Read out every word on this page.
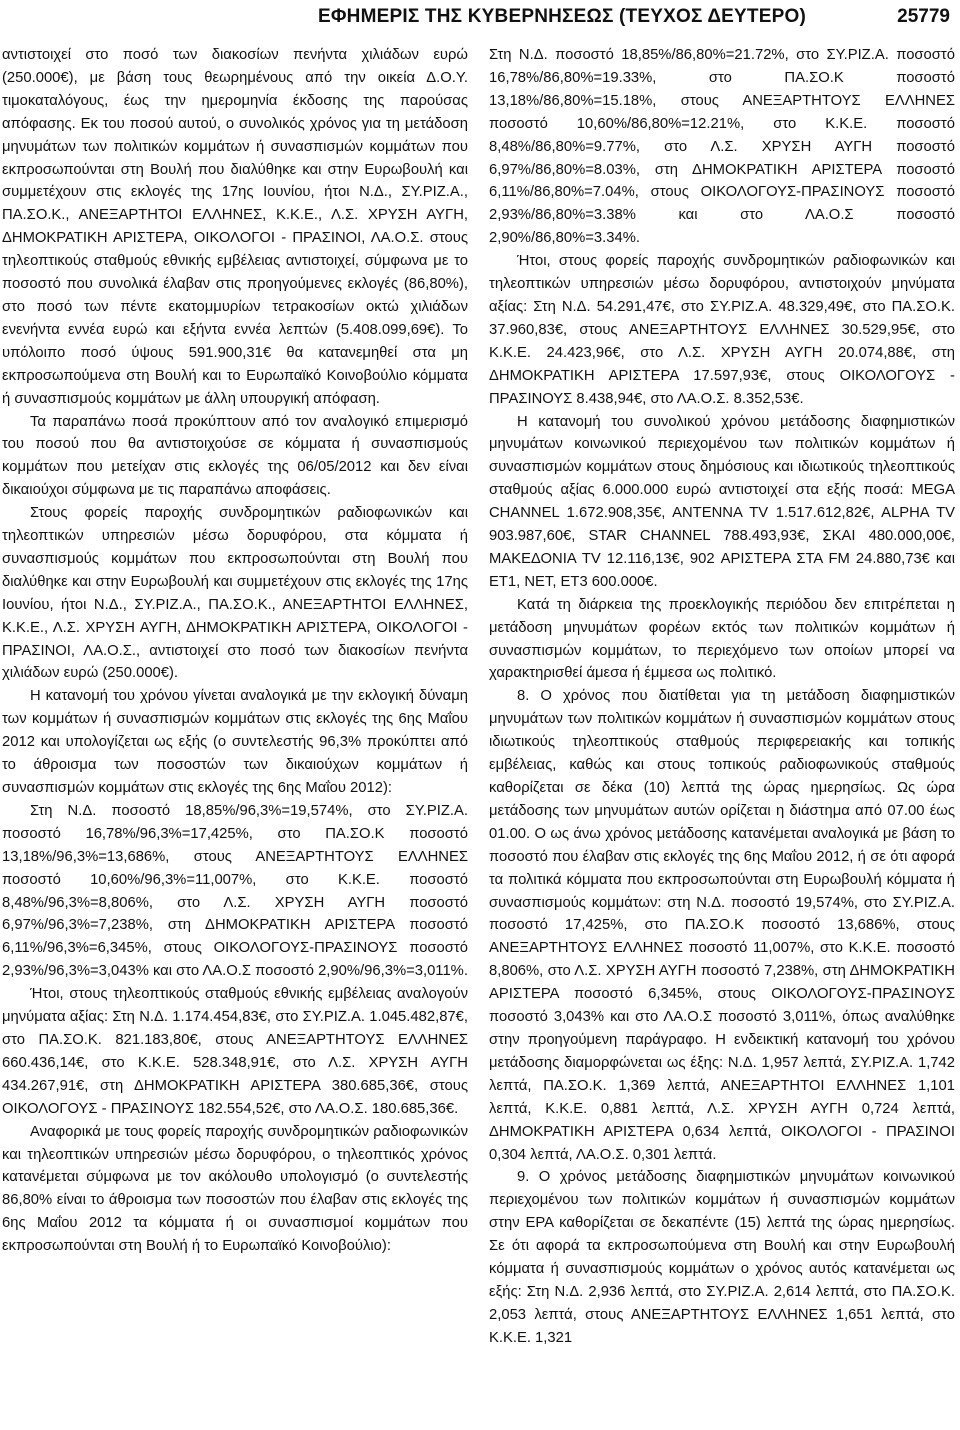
ΕΦΗΜΕΡΙΣ ΤΗΣ ΚΥΒΕΡΝΗΣΕΩΣ (ΤΕΥΧΟΣ ΔΕΥΤΕΡΟ)	25779

αντιστοιχεί στο ποσό των διακοσίων πενήντα χιλιάδων ευρώ (250.000€), με βάση τους θεωρημένους από την οικεία Δ.Ο.Υ. τιμοκαταλόγους, έως την ημερομηνία έκδοσης της παρούσας απόφασης. Εκ του ποσού αυτού, ο συνολικός χρόνος για τη μετάδοση μηνυμάτων των πολιτικών κομμάτων ή συνασπισμών κομμάτων που εκπροσωπούνται στη Βουλή που διαλύθηκε και στην Ευρωβουλή και συμμετέχουν στις εκλογές της 17ης Ιουνίου, ήτοι Ν.Δ., ΣΥ.ΡΙΖ.Α., ΠΑ.ΣΟ.Κ., ΑΝΕΞΑΡΤΗΤΟΙ ΕΛΛΗΝΕΣ, Κ.Κ.Ε., Λ.Σ. ΧΡΥΣΗ ΑΥΓΗ, ΔΗΜΟΚΡΑΤΙΚΗ ΑΡΙΣΤΕΡΑ, ΟΙΚΟΛΟΓΟΙ - ΠΡΑΣΙΝΟΙ, ΛΑ.Ο.Σ. στους τηλεοπτικούς σταθμούς εθνικής εμβέλειας αντιστοιχεί, σύμφωνα με το ποσοστό που συνολικά έλαβαν στις προηγούμενες εκλογές (86,80%), στο ποσό των πέντε εκατομμυρίων τετρακοσίων οκτώ χιλιάδων ενενήντα εννέα ευρώ και εξήντα εννέα λεπτών (5.408.099,69€). Το υπόλοιπο ποσό ύψους 591.900,31€ θα κατανεμηθεί στα μη εκπροσωπούμενα στη Βουλή και το Ευρωπαϊκό Κοινοβούλιο κόμματα ή συνασπισμούς κομμάτων με άλλη υπουργική απόφαση.

Τα παραπάνω ποσά προκύπτουν από τον αναλογικό επιμερισμό του ποσού που θα αντιστοιχούσε σε κόμματα ή συνασπισμούς κομμάτων που μετείχαν στις εκλογές της 06/05/2012 και δεν είναι δικαιούχοι σύμφωνα με τις παραπάνω αποφάσεις.

Στους φορείς παροχής συνδρομητικών ραδιοφωνικών και τηλεοπτικών υπηρεσιών μέσω δορυφόρου, στα κόμματα ή συνασπισμούς κομμάτων που εκπροσωπούνται στη Βουλή που διαλύθηκε και στην Ευρωβουλή και συμμετέχουν στις εκλογές της 17ης Ιουνίου, ήτοι Ν.Δ., ΣΥ.ΡΙΖ.Α., ΠΑ.ΣΟ.Κ., ΑΝΕΞΑΡΤΗΤΟΙ ΕΛΛΗΝΕΣ, Κ.Κ.Ε., Λ.Σ. ΧΡΥΣΗ ΑΥΓΗ, ΔΗΜΟΚΡΑΤΙΚΗ ΑΡΙΣΤΕΡΑ, ΟΙΚΟΛΟΓΟΙ - ΠΡΑΣΙΝΟΙ, ΛΑ.Ο.Σ., αντιστοιχεί στο ποσό των διακοσίων πενήντα χιλιάδων ευρώ (250.000€).

Η κατανομή του χρόνου γίνεται αναλογικά με την εκλογική δύναμη των κομμάτων ή συνασπισμών κομμάτων στις εκλογές της 6ης Μαΐου 2012 και υπολογίζεται ως εξής (ο συντελεστής 96,3% προκύπτει από το άθροισμα των ποσοστών των δικαιούχων κομμάτων ή συνασπισμών κομμάτων στις εκλογές της 6ης Μαΐου 2012):

Στη Ν.Δ. ποσοστό 18,85%/96,3%=19,574%, στο ΣΥ.ΡΙΖ.Α. ποσοστό 16,78%/96,3%=17,425%, στο ΠΑ.ΣΟ.Κ ποσοστό 13,18%/96,3%=13,686%, στους ΑΝΕΞΑΡΤΗΤΟΥΣ ΕΛΛΗΝΕΣ ποσοστό 10,60%/96,3%=11,007%, στο Κ.Κ.Ε. ποσοστό 8,48%/96,3%=8,806%, στο Λ.Σ. ΧΡΥΣΗ ΑΥΓΗ ποσοστό 6,97%/96,3%=7,238%, στη ΔΗΜΟΚΡΑΤΙΚΗ ΑΡΙΣΤΕΡΑ ποσοστό 6,11%/96,3%=6,345%, στους ΟΙΚΟΛΟΓΟΥΣ-ΠΡΑΣΙΝΟΥΣ ποσοστό 2,93%/96,3%=3,043% και στο ΛΑ.Ο.Σ ποσοστό 2,90%/96,3%=3,011%.

Ήτοι, στους τηλεοπτικούς σταθμούς εθνικής εμβέλειας αναλογούν μηνύματα αξίας: Στη Ν.Δ. 1.174.454,83€, στο ΣΥ.ΡΙΖ.Α. 1.045.482,87€, στο ΠΑ.ΣΟ.Κ. 821.183,80€, στους ΑΝΕΞΑΡΤΗΤΟΥΣ ΕΛΛΗΝΕΣ 660.436,14€, στο Κ.Κ.Ε. 528.348,91€, στο Λ.Σ. ΧΡΥΣΗ ΑΥΓΗ 434.267,91€, στη ΔΗΜΟΚΡΑΤΙΚΗ ΑΡΙΣΤΕΡΑ 380.685,36€, στους ΟΙΚΟΛΟΓΟΥΣ - ΠΡΑΣΙΝΟΥΣ 182.554,52€, στο ΛΑ.Ο.Σ. 180.685,36€.

Αναφορικά με τους φορείς παροχής συνδρομητικών ραδιοφωνικών και τηλεοπτικών υπηρεσιών μέσω δορυφόρου, ο τηλεοπτικός χρόνος κατανέμεται σύμφωνα με τον ακόλουθο υπολογισμό (ο συντελεστής 86,80% είναι το άθροισμα των ποσοστών που έλαβαν στις εκλογές της 6ης Μαΐου 2012 τα κόμματα ή οι συνασπισμοί κομμάτων που εκπροσωπούνται στη Βουλή ή το Ευρωπαϊκό Κοινοβούλιο):

Στη Ν.Δ. ποσοστό 18,85%/86,80%=21.72%, στο ΣΥ.ΡΙΖ.Α. ποσοστό 16,78%/86,80%=19.33%, στο ΠΑ.ΣΟ.Κ ποσοστό 13,18%/86,80%=15.18%, στους ΑΝΕΞΑΡΤΗΤΟΥΣ ΕΛΛΗΝΕΣ ποσοστό 10,60%/86,80%=12.21%, στο Κ.Κ.Ε. ποσοστό 8,48%/86,80%=9.77%, στο Λ.Σ. ΧΡΥΣΗ ΑΥΓΗ ποσοστό 6,97%/86,80%=8.03%, στη ΔΗΜΟΚΡΑΤΙΚΗ ΑΡΙΣΤΕΡΑ ποσοστό 6,11%/86,80%=7.04%, στους ΟΙΚΟΛΟΓΟΥΣ-ΠΡΑΣΙΝΟΥΣ ποσοστό 2,93%/86,80%=3.38% και στο ΛΑ.Ο.Σ ποσοστό 2,90%/86,80%=3.34%.

Ήτοι, στους φορείς παροχής συνδρομητικών ραδιοφωνικών και τηλεοπτικών υπηρεσιών μέσω δορυφόρου, αντιστοιχούν μηνύματα αξίας: Στη Ν.Δ. 54.291,47€, στο ΣΥ.ΡΙΖ.Α. 48.329,49€, στο ΠΑ.ΣΟ.Κ. 37.960,83€, στους ΑΝΕΞΑΡΤΗΤΟΥΣ ΕΛΛΗΝΕΣ 30.529,95€, στο Κ.Κ.Ε. 24.423,96€, στο Λ.Σ. ΧΡΥΣΗ ΑΥΓΗ 20.074,88€, στη ΔΗΜΟΚΡΑΤΙΚΗ ΑΡΙΣΤΕΡΑ 17.597,93€, στους ΟΙΚΟΛΟΓΟΥΣ - ΠΡΑΣΙΝΟΥΣ 8.438,94€, στο ΛΑ.Ο.Σ. 8.352,53€.

Η κατανομή του συνολικού χρόνου μετάδοσης διαφημιστικών μηνυμάτων κοινωνικού περιεχομένου των πολιτικών κομμάτων ή συνασπισμών κομμάτων στους δημόσιους και ιδιωτικούς τηλεοπτικούς σταθμούς αξίας 6.000.000 ευρώ αντιστοιχεί στα εξής ποσά: MEGA CHANNEL 1.672.908,35€, ANTENNA TV 1.517.612,82€, ALPHA TV 903.987,60€, STAR CHANNEL 788.493,93€, ΣΚΑΙ 480.000,00€, ΜΑΚΕΔΟΝΙΑ TV 12.116,13€, 902 ΑΡΙΣΤΕΡΑ ΣΤΑ FM 24.880,73€ και ΕΤ1, ΝΕΤ, ΕΤ3 600.000€.

Κατά τη διάρκεια της προεκλογικής περιόδου δεν επιτρέπεται η μετάδοση μηνυμάτων φορέων εκτός των πολιτικών κομμάτων ή συνασπισμών κομμάτων, το περιεχόμενο των οποίων μπορεί να χαρακτηρισθεί άμεσα ή έμμεσα ως πολιτικό.

8. Ο χρόνος που διατίθεται για τη μετάδοση διαφημιστικών μηνυμάτων των πολιτικών κομμάτων ή συνασπισμών κομμάτων στους ιδιωτικούς τηλεοπτικούς σταθμούς περιφερειακής και τοπικής εμβέλειας, καθώς και στους τοπικούς ραδιοφωνικούς σταθμούς καθορίζεται σε δέκα (10) λεπτά της ώρας ημερησίως. Ως ώρα μετάδοσης των μηνυμάτων αυτών ορίζεται η διάστημα από 07.00 έως 01.00. Ο ως άνω χρόνος μετάδοσης κατανέμεται αναλογικά με βάση το ποσοστό που έλαβαν στις εκλογές της 6ης Μαΐου 2012, ή σε ότι αφορά τα πολιτικά κόμματα που εκπροσωπούνται στη Ευρωβουλή κόμματα ή συνασπισμούς κομμάτων: στη Ν.Δ. ποσοστό 19,574%, στο ΣΥ.ΡΙΖ.Α. ποσοστό 17,425%, στο ΠΑ.ΣΟ.Κ ποσοστό 13,686%, στους ΑΝΕΞΑΡΤΗΤΟΥΣ ΕΛΛΗΝΕΣ ποσοστό 11,007%, στο Κ.Κ.Ε. ποσοστό 8,806%, στο Λ.Σ. ΧΡΥΣΗ ΑΥΓΗ ποσοστό 7,238%, στη ΔΗΜΟΚΡΑΤΙΚΗ ΑΡΙΣΤΕΡΑ ποσοστό 6,345%, στους ΟΙΚΟΛΟΓΟΥΣ-ΠΡΑΣΙΝΟΥΣ ποσοστό 3,043% και στο ΛΑ.Ο.Σ ποσοστό 3,011%, όπως αναλύθηκε στην προηγούμενη παράγραφο. Η ενδεικτική κατανομή του χρόνου μετάδοσης διαμορφώνεται ως έξης: Ν.Δ. 1,957 λεπτά, ΣΥ.ΡΙΖ.Α. 1,742 λεπτά, ΠΑ.ΣΟ.Κ. 1,369 λεπτά, ΑΝΕΞΑΡΤΗΤΟΙ ΕΛΛΗΝΕΣ 1,101 λεπτά, Κ.Κ.Ε. 0,881 λεπτά, Λ.Σ. ΧΡΥΣΗ ΑΥΓΗ 0,724 λεπτά, ΔΗΜΟΚΡΑΤΙΚΗ ΑΡΙΣΤΕΡΑ 0,634 λεπτά, ΟΙΚΟΛΟΓΟΙ - ΠΡΑΣΙΝΟΙ 0,304 λεπτά, ΛΑ.Ο.Σ. 0,301 λεπτά.

9. Ο χρόνος μετάδοσης διαφημιστικών μηνυμάτων κοινωνικού περιεχομένου των πολιτικών κομμάτων ή συνασπισμών κομμάτων στην ΕΡΑ καθορίζεται σε δεκαπέντε (15) λεπτά της ώρας ημερησίως. Σε ότι αφορά τα εκπροσωπούμενα στη Βουλή και στην Ευρωβουλή κόμματα ή συνασπισμούς κομμάτων ο χρόνος αυτός κατανέμεται ως εξής: Στη Ν.Δ. 2,936 λεπτά, στο ΣΥ.ΡΙΖ.Α. 2,614 λεπτά, στο ΠΑ.ΣΟ.Κ. 2,053 λεπτά, στους ΑΝΕΞΑΡΤΗΤΟΥΣ ΕΛΛΗΝΕΣ 1,651 λεπτά, στο Κ.Κ.Ε. 1,321
